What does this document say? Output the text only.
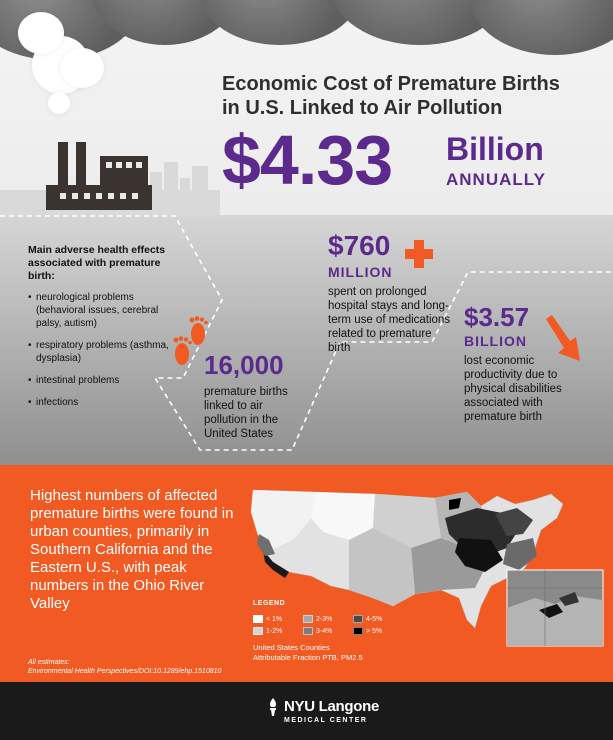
Economic Cost of Premature Births
in U.S. Linked to Air Pollution
$4.33 Billion
ANNUALLY
Main adverse health effects associated with premature birth:
• neurological problems (behavioral issues, cerebral palsy, autism)
• respiratory problems (asthma, dysplasia)
• intestinal problems
• infections
16,000
premature births linked to air pollution in the United States
$760
MILLION
spent on prolonged hospital stays and long-term use of medications related to premature birth
$3.57
BILLION
lost economic productivity due to physical disabilities associated with premature birth
Highest numbers of affected premature births were found in urban counties, primarily in Southern California and the Eastern U.S., with peak numbers in the Ohio River Valley	LEGEND
< 1%
1-2%
2-3%
3-4%
4-5%
> 5%
United States Counties
Attributable Fraction PTB, PM2.5
All estimates:
Environmental Health Perspectives/DOI:10.1289/ehp.1510810
NYU Langone
MEDICAL CENTER
